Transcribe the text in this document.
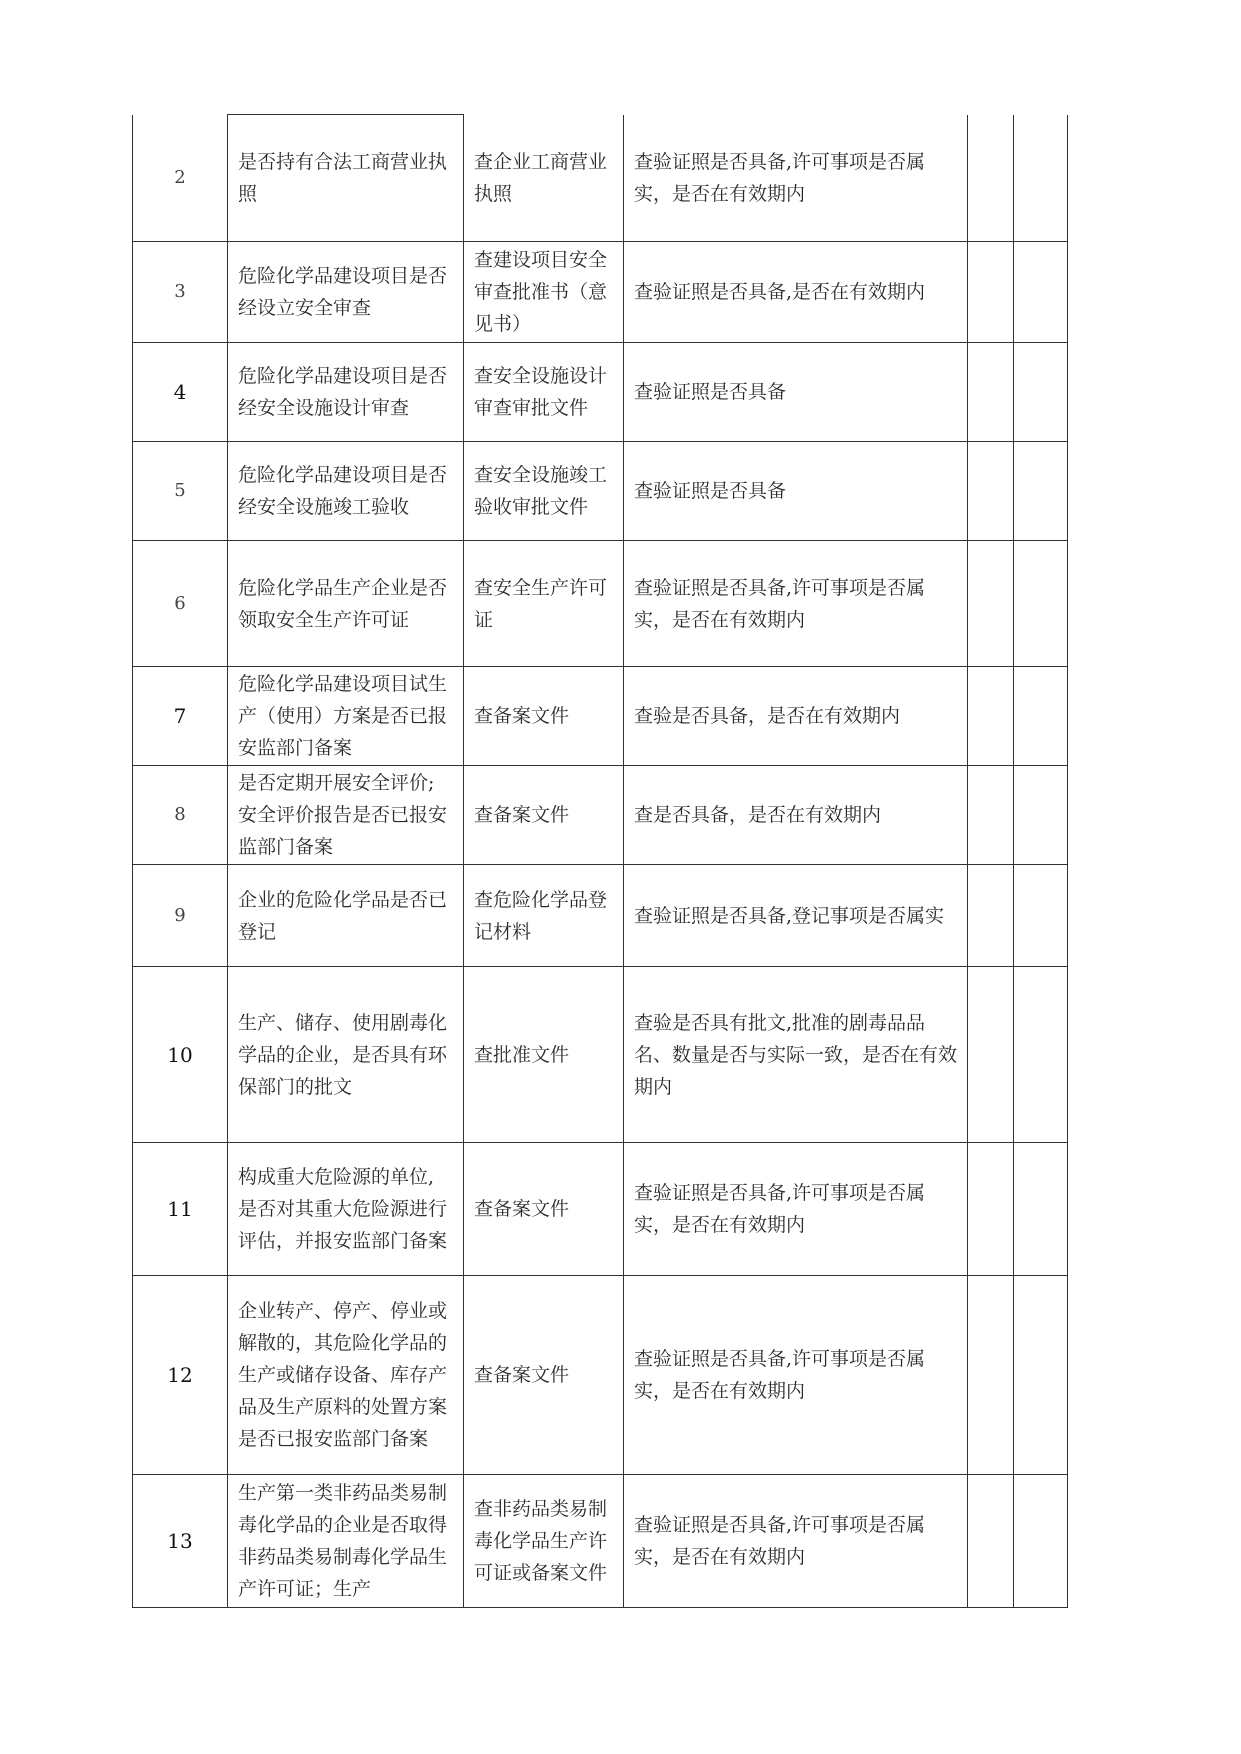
2	是否持有合法工商营业执照	查企业工商营业执照	查验证照是否具备,许可事项是否属实，是否在有效期内		
3	危险化学品建设项目是否经设立安全审查	查建设项目安全审查批准书（意见书）	查验证照是否具备,是否在有效期内		
4	危险化学品建设项目是否经安全设施设计审查	查安全设施设计审查审批文件	查验证照是否具备		
5	危险化学品建设项目是否经安全设施竣工验收	查安全设施竣工验收审批文件	查验证照是否具备		
6	危险化学品生产企业是否领取安全生产许可证	查安全生产许可证	查验证照是否具备,许可事项是否属实，是否在有效期内		
7	危险化学品建设项目试生产（使用）方案是否已报安监部门备案	查备案文件	查验是否具备，是否在有效期内		
8	是否定期开展安全评价;安全评价报告是否已报安监部门备案	查备案文件	查是否具备，是否在有效期内		
9	企业的危险化学品是否已登记	查危险化学品登记材料	查验证照是否具备,登记事项是否属实		
10	生产、储存、使用剧毒化学品的企业，是否具有环保部门的批文	查批准文件	查验是否具有批文,批准的剧毒品品名、数量是否与实际一致，是否在有效期内		
11	构成重大危险源的单位,是否对其重大危险源进行评估，并报安监部门备案	查备案文件	查验证照是否具备,许可事项是否属实，是否在有效期内		
12	企业转产、停产、停业或解散的，其危险化学品的生产或储存设备、库存产品及生产原料的处置方案是否已报安监部门备案	查备案文件	查验证照是否具备,许可事项是否属实，是否在有效期内		
13	生产第一类非药品类易制毒化学品的企业是否取得非药品类易制毒化学品生产许可证；生产	查非药品类易制毒化学品生产许可证或备案文件	查验证照是否具备,许可事项是否属实，是否在有效期内		
